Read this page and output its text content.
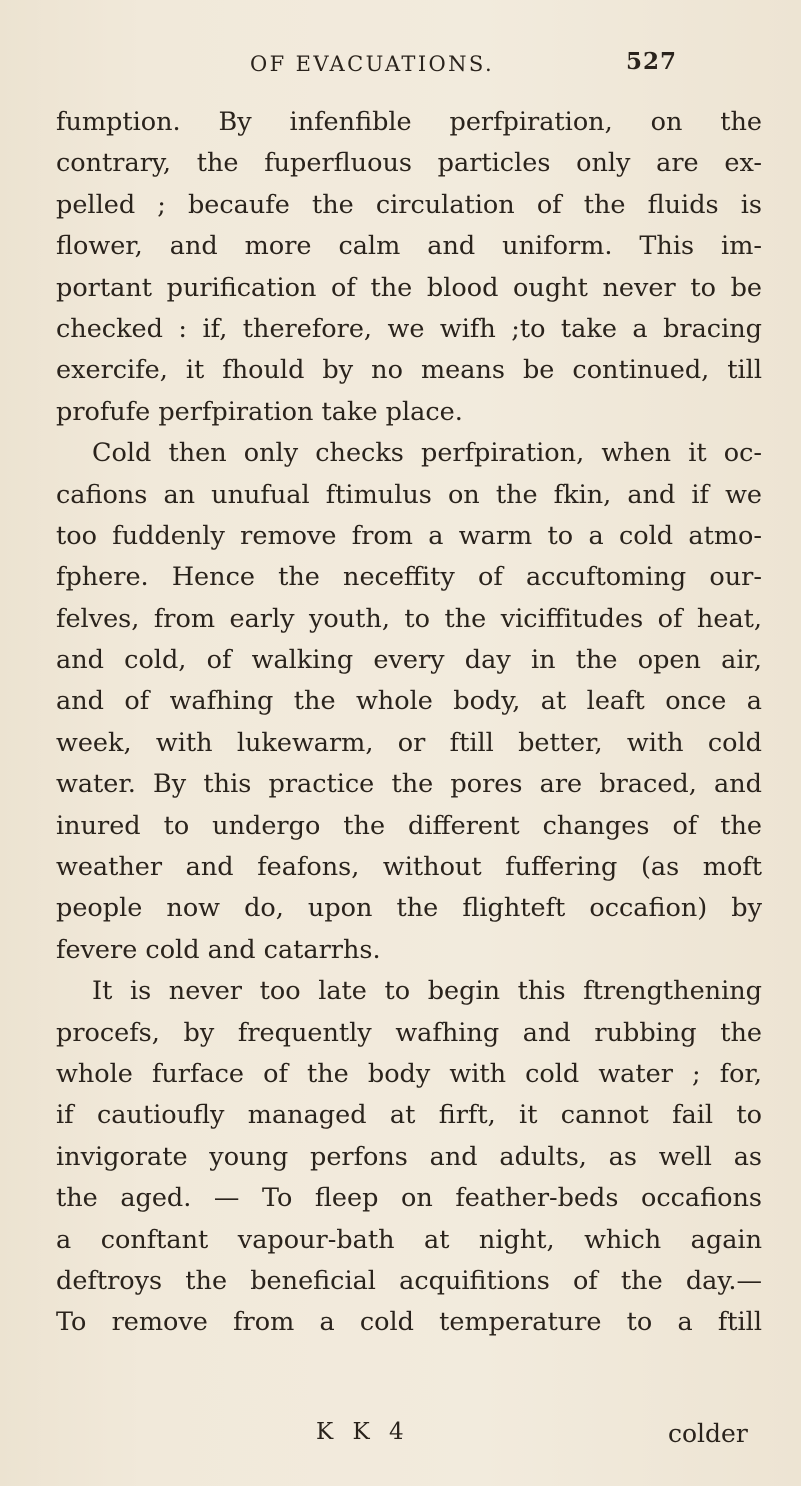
OF EVACUATIONS.	527
fumption. By infenfible perfpiration, on the
contrary, the fuperfluous particles only are ex-
pelled ; becaufe the circulation of the fluids is
flower, and more calm and uniform. This im-
portant purification of the blood ought never to be
checked : if, therefore, we wifh ;to take a bracing
exercife, it fhould by no means be continued, till
profufe perfpiration take place.
Cold then only checks perfpiration, when it oc-
cafions an unufual ftimulus on the fkin, and if we
too fuddenly remove from a warm to a cold atmo-
fphere. Hence the neceffity of accuftoming our-
felves, from early youth, to the viciffitudes of heat,
and cold, of walking every day in the open air,
and of wafhing the whole body, at leaft once a
week, with lukewarm, or ftill better, with cold
water. By this practice the pores are braced, and
inured to undergo the different changes of the
weather and feafons, without fuffering (as moft
people now do, upon the flighteft occafion) by
fevere cold and catarrhs.
It is never too late to begin this ftrengthening
procefs, by frequently wafhing and rubbing the
whole furface of the body with cold water ; for,
if cautioufly managed at firft, it cannot fail to
invigorate young perfons and adults, as well as
the aged. — To fleep on feather-beds occafions
a conftant vapour-bath at night, which again
deftroys the beneficial acquifitions of the day.—
To remove from a cold temperature to a ftill
K K 4	colder
